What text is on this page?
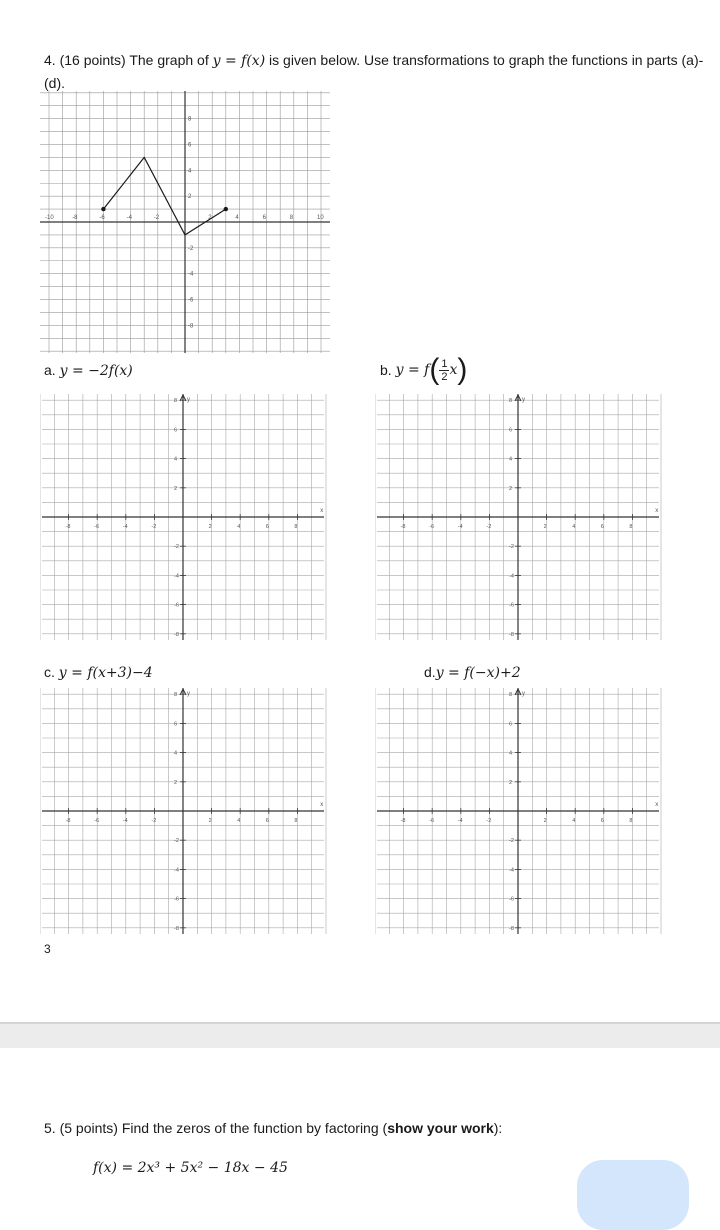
4. (16 points) The graph of y = f(x) is given below. Use transformations to graph the functions in parts (a)-(d).
-10	-8	-6	-4	-2	2	4	6	8	10
8
6
4
2
-2
-4
-6
-8
a. y = −2f(x)	b.
y = f ( 1
2 x )
x
y
-8	-6	-4	-2	2	4	6	8
8
6
4
2
-2
-4
-6
-8
x
y
-8	-6	-4	-2	2	4	6	8
8
6
4
2
-2
-4
-6
-8
c. y = f(x+3)−4	d.y = f(−x)+2
x
y
-8	-6	-4	-2	2	4	6	8
8
6
4
2
-2
-4
-6
-8
x
y
-8	-6	-4	-2	2	4	6	8
8
6
4
2
-2
-4
-6
-8
3
5. (5 points) Find the zeros of the function by factoring (show your work):
f(x) = 2x³ + 5x² − 18x − 45
